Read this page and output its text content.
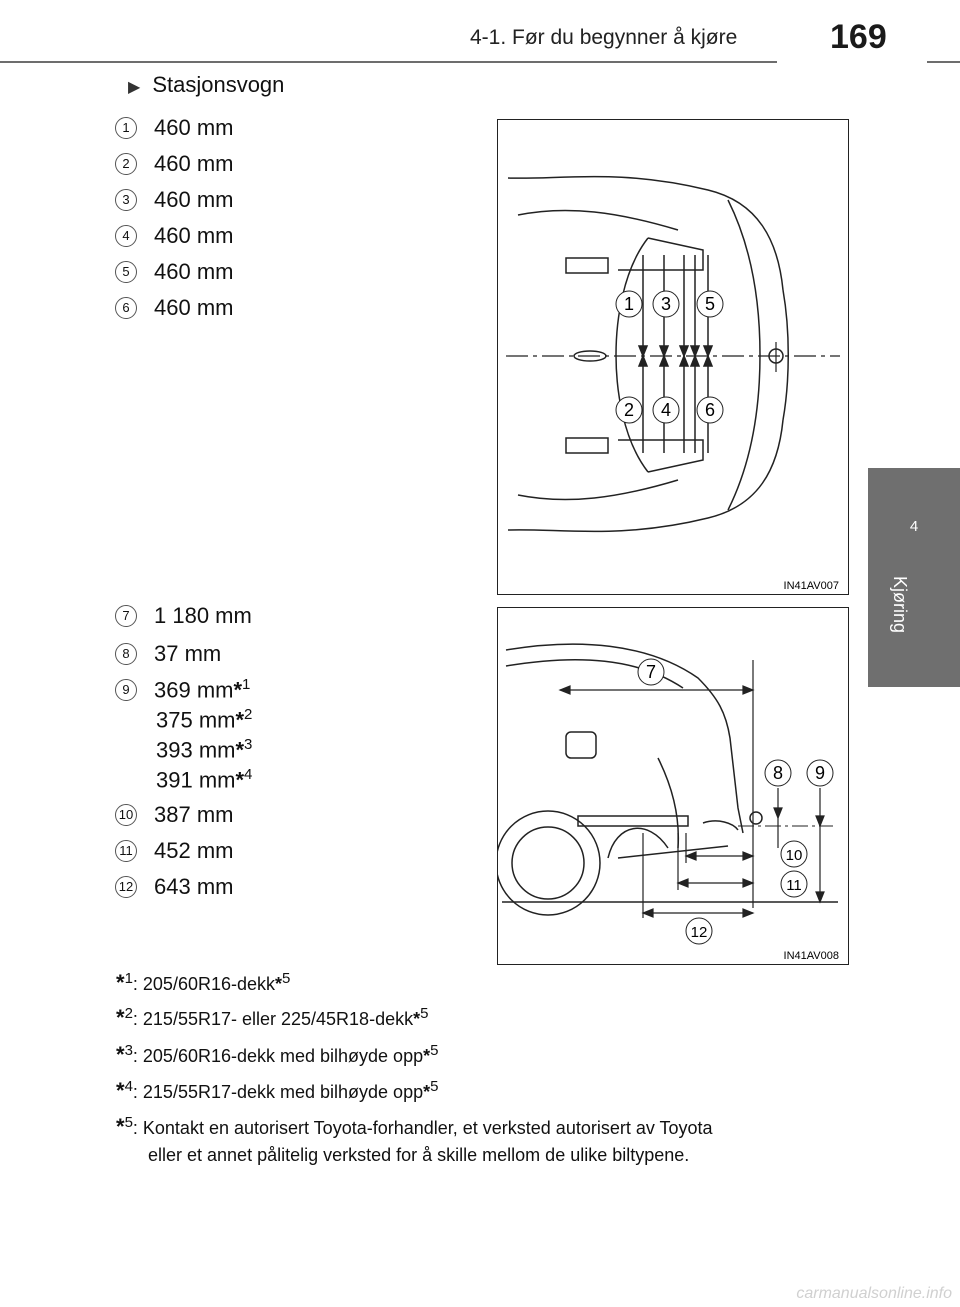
4-1. Før du begynner å kjøre	169
4
Kjøring
▶ Stasjonsvogn
1 460 mm
2 460 mm
3 460 mm
4 460 mm
5 460 mm
6 460 mm
7 1 180 mm
8 37 mm
9 369 mm*$^1$
375 mm*$^2$
393 mm*$^3$
391 mm*$^4$
10 387 mm
11 452 mm
12 643 mm
1 3 5
2 4 6
IN41AV007
7
8 9
10
11
12
IN41AV008
*$^1$: 205/60R16-dekk*$^5$
*$^2$: 215/55R17- eller 225/45R18-dekk*$^5$
*$^3$: 205/60R16-dekk med bilhøyde opp*$^5$
*$^4$: 215/55R17-dekk med bilhøyde opp*$^5$
*$^5$: Kontakt en autorisert Toyota-forhandler, et verksted autorisert av Toyota
eller et annet pålitelig verksted for å skille mellom de ulike biltypene.
carmanualsonline.info
